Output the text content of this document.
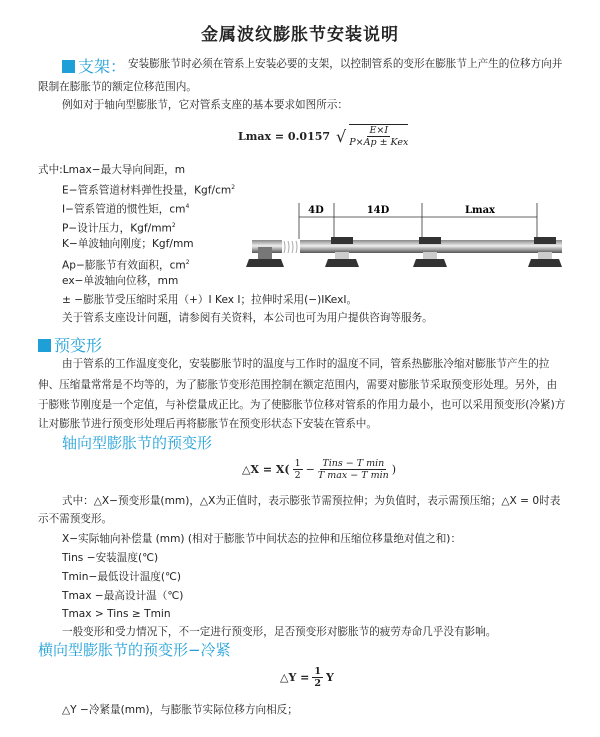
金属波纹膨胀节安装说明
支架： 安装膨胀节时必须在管系上安装必要的支架，以控制管系的变形在膨胀节上产生的位移方向并
限制在膨胀节的额定位移范围内。
例如对于轴向型膨胀节，它对管系支座的基本要求如图所示：
Lmax = 0.0157 √ $\frac{E\times I}{\text{P×Ap ± Kex}}$
式中:Lmax−最大导向间距，m
E−管系管道材料弹性投量，Kgf/$cm^2$
I−管系管道的惯性矩，$cm^4$
P−设计压力，Kgf/$mm^2$
K−单波轴向刚度；Kgf/mm
Ap−膨胀节有效面积，$cm^2$
ex−单波轴向位移，mm
± −膨胀节受压缩时采用（+）I Kex I；拉伸时采用(−)IKexI。
关于管系支座设计问题，请参阅有关资料，本公司也可为用户提供咨询等服务。
4D	14D	Lmax
预变形
由于管系的工作温度变化，安装膨胀节时的温度与工作时的温度不同，管系热膨胀冷缩对膨胀节产生的拉
伸、压缩量常常是不均等的，为了膨胀节变形范围控制在额定范围内，需要对膨胀节采取预变形处理。另外，由
于膨账节刚度是一个定值，与补偿量成正比。为了使膨胀节位移对管系的作用力最小，也可以采用预变形(冷紧)方
让对膨胀节进行预变形处理后再将膨胀节在预变形状态下安装在管系中。
轴向型膨胀节的预变形
△X = $X( \frac{1}{2} - \frac{\text{Tins − T min}}{\text{T max − T min}}$ )
式中：△X−预变形量(mm)，△X为正值时，表示膨张节需预拉伸；为负值时，表示需预压缩；△X = 0时表
示不需预变形。
X−实际轴向补偿量 (mm) (相对于膨胀节中间状态的拉伸和压缩位移量绝对值之和)：
Tins −安装温度(℃)
Tmin−最低设计温度(℃)
Tmax −最高设计温（℃)
Tmax > Tins ≥ Tmin
一般变形和受力情况下，不一定进行预变形，足否预变形对膨胀节的疲劳寿命几乎没有影响。
横向型膨胀节的预变形−冷紧
△Y = $\frac{1}{2}$ Y
△Y −冷紧量(mm)，与膨胀节实际位移方向相反；
